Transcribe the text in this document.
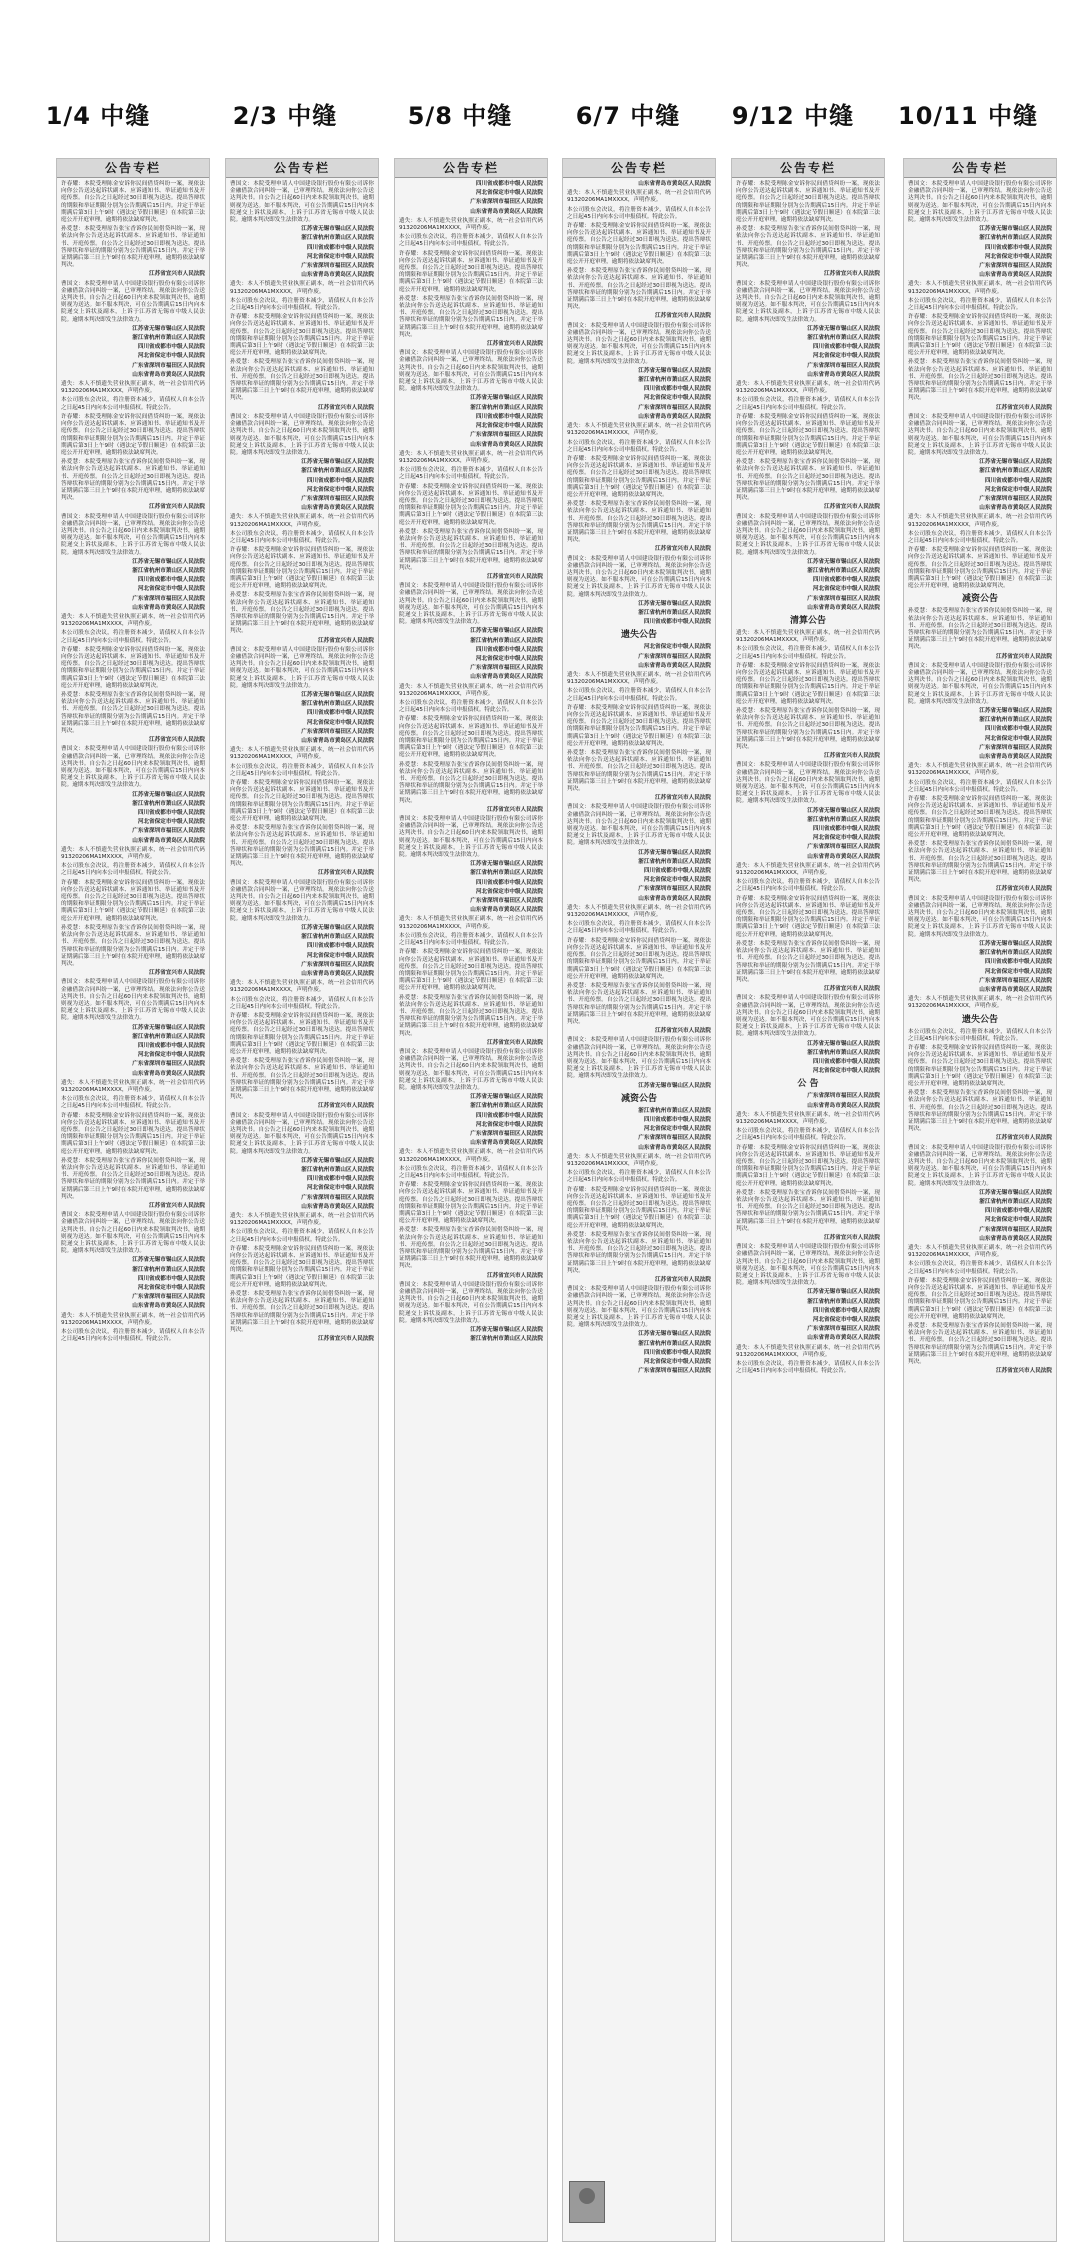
1/4 中缝	2/3 中缝	5/8 中缝	6/7 中缝	9/12 中缝	10/11 中缝
公告专栏
许春耀：本院受理陈金安诉你民间借贷纠纷一案，现依法向你公告送达起诉状副本、应诉通知书、举证通知书及开庭传票。自公告之日起经过30日即视为送达。提出答辩状的期限和举证期限分别为公告期满后15日内。并定于举证期满后第3日上午9时（遇法定节假日顺延）在本院第三法庭公开开庭审理，逾期将依法缺席判决。
孙爱慧：本院受理原告张宝香诉你民间借贷纠纷一案，现依法向你公告送达起诉状副本、应诉通知书、举证通知书、开庭传票。自公告之日起经过30日即视为送达。提出答辩状和举证的期限分别为公告期满后15日内。并定于举证期满后第三日上午9时在本院开庭审理，逾期将依法缺席判决。
江苏省宜兴市人民法院
曹国文：本院受理申请人中国建设银行股份有限公司诉你金融借款合同纠纷一案，已审理终结。现依法向你公告送达判决书。自公告之日起60日内来本院领取判决书，逾期则视为送达。如不服本判决，可在公告期满后15日内向本院递交上诉状及副本，上诉于江苏省无锡市中级人民法院。逾期本判决即发生法律效力。
江苏省无锡市锡山区人民法院
浙江省杭州市萧山区人民法院
四川省成都市中级人民法院
河北省保定市中级人民法院
广东省深圳市福田区人民法院
山东省青岛市黄岛区人民法院
遗失：本人不慎遗失营业执照正副本，统一社会信用代码91320206MA1MXXXX，声明作废。
本公司股东会决议，将注册资本减少，请债权人自本公告之日起45日内向本公司申报债权。特此公告。
许春耀：本院受理陈金安诉你民间借贷纠纷一案，现依法向你公告送达起诉状副本、应诉通知书、举证通知书及开庭传票。自公告之日起经过30日即视为送达。提出答辩状的期限和举证期限分别为公告期满后15日内。并定于举证期满后第3日上午9时（遇法定节假日顺延）在本院第三法庭公开开庭审理，逾期将依法缺席判决。
孙爱慧：本院受理原告张宝香诉你民间借贷纠纷一案，现依法向你公告送达起诉状副本、应诉通知书、举证通知书、开庭传票。自公告之日起经过30日即视为送达。提出答辩状和举证的期限分别为公告期满后15日内。并定于举证期满后第三日上午9时在本院开庭审理，逾期将依法缺席判决。
江苏省宜兴市人民法院
曹国文：本院受理申请人中国建设银行股份有限公司诉你金融借款合同纠纷一案，已审理终结。现依法向你公告送达判决书。自公告之日起60日内来本院领取判决书，逾期则视为送达。如不服本判决，可在公告期满后15日内向本院递交上诉状及副本，上诉于江苏省无锡市中级人民法院。逾期本判决即发生法律效力。
江苏省无锡市锡山区人民法院
浙江省杭州市萧山区人民法院
四川省成都市中级人民法院
河北省保定市中级人民法院
广东省深圳市福田区人民法院
山东省青岛市黄岛区人民法院
遗失：本人不慎遗失营业执照正副本，统一社会信用代码91320206MA1MXXXX，声明作废。
本公司股东会决议，将注册资本减少，请债权人自本公告之日起45日内向本公司申报债权。特此公告。
许春耀：本院受理陈金安诉你民间借贷纠纷一案，现依法向你公告送达起诉状副本、应诉通知书、举证通知书及开庭传票。自公告之日起经过30日即视为送达。提出答辩状的期限和举证期限分别为公告期满后15日内。并定于举证期满后第3日上午9时（遇法定节假日顺延）在本院第三法庭公开开庭审理，逾期将依法缺席判决。
孙爱慧：本院受理原告张宝香诉你民间借贷纠纷一案，现依法向你公告送达起诉状副本、应诉通知书、举证通知书、开庭传票。自公告之日起经过30日即视为送达。提出答辩状和举证的期限分别为公告期满后15日内。并定于举证期满后第三日上午9时在本院开庭审理，逾期将依法缺席判决。
江苏省宜兴市人民法院
曹国文：本院受理申请人中国建设银行股份有限公司诉你金融借款合同纠纷一案，已审理终结。现依法向你公告送达判决书。自公告之日起60日内来本院领取判决书，逾期则视为送达。如不服本判决，可在公告期满后15日内向本院递交上诉状及副本，上诉于江苏省无锡市中级人民法院。逾期本判决即发生法律效力。
江苏省无锡市锡山区人民法院
浙江省杭州市萧山区人民法院
四川省成都市中级人民法院
河北省保定市中级人民法院
广东省深圳市福田区人民法院
山东省青岛市黄岛区人民法院
遗失：本人不慎遗失营业执照正副本，统一社会信用代码91320206MA1MXXXX，声明作废。
本公司股东会决议，将注册资本减少，请债权人自本公告之日起45日内向本公司申报债权。特此公告。
许春耀：本院受理陈金安诉你民间借贷纠纷一案，现依法向你公告送达起诉状副本、应诉通知书、举证通知书及开庭传票。自公告之日起经过30日即视为送达。提出答辩状的期限和举证期限分别为公告期满后15日内。并定于举证期满后第3日上午9时（遇法定节假日顺延）在本院第三法庭公开开庭审理，逾期将依法缺席判决。
孙爱慧：本院受理原告张宝香诉你民间借贷纠纷一案，现依法向你公告送达起诉状副本、应诉通知书、举证通知书、开庭传票。自公告之日起经过30日即视为送达。提出答辩状和举证的期限分别为公告期满后15日内。并定于举证期满后第三日上午9时在本院开庭审理，逾期将依法缺席判决。
江苏省宜兴市人民法院
曹国文：本院受理申请人中国建设银行股份有限公司诉你金融借款合同纠纷一案，已审理终结。现依法向你公告送达判决书。自公告之日起60日内来本院领取判决书，逾期则视为送达。如不服本判决，可在公告期满后15日内向本院递交上诉状及副本，上诉于江苏省无锡市中级人民法院。逾期本判决即发生法律效力。
江苏省无锡市锡山区人民法院
浙江省杭州市萧山区人民法院
四川省成都市中级人民法院
河北省保定市中级人民法院
广东省深圳市福田区人民法院
山东省青岛市黄岛区人民法院
遗失：本人不慎遗失营业执照正副本，统一社会信用代码91320206MA1MXXXX，声明作废。
本公司股东会决议，将注册资本减少，请债权人自本公告之日起45日内向本公司申报债权。特此公告。
许春耀：本院受理陈金安诉你民间借贷纠纷一案，现依法向你公告送达起诉状副本、应诉通知书、举证通知书及开庭传票。自公告之日起经过30日即视为送达。提出答辩状的期限和举证期限分别为公告期满后15日内。并定于举证期满后第3日上午9时（遇法定节假日顺延）在本院第三法庭公开开庭审理，逾期将依法缺席判决。
孙爱慧：本院受理原告张宝香诉你民间借贷纠纷一案，现依法向你公告送达起诉状副本、应诉通知书、举证通知书、开庭传票。自公告之日起经过30日即视为送达。提出答辩状和举证的期限分别为公告期满后15日内。并定于举证期满后第三日上午9时在本院开庭审理，逾期将依法缺席判决。
江苏省宜兴市人民法院
曹国文：本院受理申请人中国建设银行股份有限公司诉你金融借款合同纠纷一案，已审理终结。现依法向你公告送达判决书。自公告之日起60日内来本院领取判决书，逾期则视为送达。如不服本判决，可在公告期满后15日内向本院递交上诉状及副本，上诉于江苏省无锡市中级人民法院。逾期本判决即发生法律效力。
江苏省无锡市锡山区人民法院
浙江省杭州市萧山区人民法院
四川省成都市中级人民法院
河北省保定市中级人民法院
广东省深圳市福田区人民法院
山东省青岛市黄岛区人民法院
遗失：本人不慎遗失营业执照正副本，统一社会信用代码91320206MA1MXXXX，声明作废。
本公司股东会决议，将注册资本减少，请债权人自本公告之日起45日内向本公司申报债权。特此公告。
公告专栏
曹国文：本院受理申请人中国建设银行股份有限公司诉你金融借款合同纠纷一案，已审理终结。现依法向你公告送达判决书。自公告之日起60日内来本院领取判决书，逾期则视为送达。如不服本判决，可在公告期满后15日内向本院递交上诉状及副本，上诉于江苏省无锡市中级人民法院。逾期本判决即发生法律效力。
江苏省无锡市锡山区人民法院
浙江省杭州市萧山区人民法院
四川省成都市中级人民法院
河北省保定市中级人民法院
广东省深圳市福田区人民法院
山东省青岛市黄岛区人民法院
遗失：本人不慎遗失营业执照正副本，统一社会信用代码91320206MA1MXXXX，声明作废。
本公司股东会决议，将注册资本减少，请债权人自本公告之日起45日内向本公司申报债权。特此公告。
许春耀：本院受理陈金安诉你民间借贷纠纷一案，现依法向你公告送达起诉状副本、应诉通知书、举证通知书及开庭传票。自公告之日起经过30日即视为送达。提出答辩状的期限和举证期限分别为公告期满后15日内。并定于举证期满后第3日上午9时（遇法定节假日顺延）在本院第三法庭公开开庭审理，逾期将依法缺席判决。
孙爱慧：本院受理原告张宝香诉你民间借贷纠纷一案，现依法向你公告送达起诉状副本、应诉通知书、举证通知书、开庭传票。自公告之日起经过30日即视为送达。提出答辩状和举证的期限分别为公告期满后15日内。并定于举证期满后第三日上午9时在本院开庭审理，逾期将依法缺席判决。
江苏省宜兴市人民法院
曹国文：本院受理申请人中国建设银行股份有限公司诉你金融借款合同纠纷一案，已审理终结。现依法向你公告送达判决书。自公告之日起60日内来本院领取判决书，逾期则视为送达。如不服本判决，可在公告期满后15日内向本院递交上诉状及副本，上诉于江苏省无锡市中级人民法院。逾期本判决即发生法律效力。
江苏省无锡市锡山区人民法院
浙江省杭州市萧山区人民法院
四川省成都市中级人民法院
河北省保定市中级人民法院
广东省深圳市福田区人民法院
山东省青岛市黄岛区人民法院
遗失：本人不慎遗失营业执照正副本，统一社会信用代码91320206MA1MXXXX，声明作废。
本公司股东会决议，将注册资本减少，请债权人自本公告之日起45日内向本公司申报债权。特此公告。
许春耀：本院受理陈金安诉你民间借贷纠纷一案，现依法向你公告送达起诉状副本、应诉通知书、举证通知书及开庭传票。自公告之日起经过30日即视为送达。提出答辩状的期限和举证期限分别为公告期满后15日内。并定于举证期满后第3日上午9时（遇法定节假日顺延）在本院第三法庭公开开庭审理，逾期将依法缺席判决。
孙爱慧：本院受理原告张宝香诉你民间借贷纠纷一案，现依法向你公告送达起诉状副本、应诉通知书、举证通知书、开庭传票。自公告之日起经过30日即视为送达。提出答辩状和举证的期限分别为公告期满后15日内。并定于举证期满后第三日上午9时在本院开庭审理，逾期将依法缺席判决。
江苏省宜兴市人民法院
曹国文：本院受理申请人中国建设银行股份有限公司诉你金融借款合同纠纷一案，已审理终结。现依法向你公告送达判决书。自公告之日起60日内来本院领取判决书，逾期则视为送达。如不服本判决，可在公告期满后15日内向本院递交上诉状及副本，上诉于江苏省无锡市中级人民法院。逾期本判决即发生法律效力。
江苏省无锡市锡山区人民法院
浙江省杭州市萧山区人民法院
四川省成都市中级人民法院
河北省保定市中级人民法院
广东省深圳市福田区人民法院
山东省青岛市黄岛区人民法院
遗失：本人不慎遗失营业执照正副本，统一社会信用代码91320206MA1MXXXX，声明作废。
本公司股东会决议，将注册资本减少，请债权人自本公告之日起45日内向本公司申报债权。特此公告。
许春耀：本院受理陈金安诉你民间借贷纠纷一案，现依法向你公告送达起诉状副本、应诉通知书、举证通知书及开庭传票。自公告之日起经过30日即视为送达。提出答辩状的期限和举证期限分别为公告期满后15日内。并定于举证期满后第3日上午9时（遇法定节假日顺延）在本院第三法庭公开开庭审理，逾期将依法缺席判决。
孙爱慧：本院受理原告张宝香诉你民间借贷纠纷一案，现依法向你公告送达起诉状副本、应诉通知书、举证通知书、开庭传票。自公告之日起经过30日即视为送达。提出答辩状和举证的期限分别为公告期满后15日内。并定于举证期满后第三日上午9时在本院开庭审理，逾期将依法缺席判决。
江苏省宜兴市人民法院
曹国文：本院受理申请人中国建设银行股份有限公司诉你金融借款合同纠纷一案，已审理终结。现依法向你公告送达判决书。自公告之日起60日内来本院领取判决书，逾期则视为送达。如不服本判决，可在公告期满后15日内向本院递交上诉状及副本，上诉于江苏省无锡市中级人民法院。逾期本判决即发生法律效力。
江苏省无锡市锡山区人民法院
浙江省杭州市萧山区人民法院
四川省成都市中级人民法院
河北省保定市中级人民法院
广东省深圳市福田区人民法院
山东省青岛市黄岛区人民法院
遗失：本人不慎遗失营业执照正副本，统一社会信用代码91320206MA1MXXXX，声明作废。
本公司股东会决议，将注册资本减少，请债权人自本公告之日起45日内向本公司申报债权。特此公告。
许春耀：本院受理陈金安诉你民间借贷纠纷一案，现依法向你公告送达起诉状副本、应诉通知书、举证通知书及开庭传票。自公告之日起经过30日即视为送达。提出答辩状的期限和举证期限分别为公告期满后15日内。并定于举证期满后第3日上午9时（遇法定节假日顺延）在本院第三法庭公开开庭审理，逾期将依法缺席判决。
孙爱慧：本院受理原告张宝香诉你民间借贷纠纷一案，现依法向你公告送达起诉状副本、应诉通知书、举证通知书、开庭传票。自公告之日起经过30日即视为送达。提出答辩状和举证的期限分别为公告期满后15日内。并定于举证期满后第三日上午9时在本院开庭审理，逾期将依法缺席判决。
江苏省宜兴市人民法院
曹国文：本院受理申请人中国建设银行股份有限公司诉你金融借款合同纠纷一案，已审理终结。现依法向你公告送达判决书。自公告之日起60日内来本院领取判决书，逾期则视为送达。如不服本判决，可在公告期满后15日内向本院递交上诉状及副本，上诉于江苏省无锡市中级人民法院。逾期本判决即发生法律效力。
江苏省无锡市锡山区人民法院
浙江省杭州市萧山区人民法院
四川省成都市中级人民法院
河北省保定市中级人民法院
广东省深圳市福田区人民法院
山东省青岛市黄岛区人民法院
遗失：本人不慎遗失营业执照正副本，统一社会信用代码91320206MA1MXXXX，声明作废。
本公司股东会决议，将注册资本减少，请债权人自本公告之日起45日内向本公司申报债权。特此公告。
许春耀：本院受理陈金安诉你民间借贷纠纷一案，现依法向你公告送达起诉状副本、应诉通知书、举证通知书及开庭传票。自公告之日起经过30日即视为送达。提出答辩状的期限和举证期限分别为公告期满后15日内。并定于举证期满后第3日上午9时（遇法定节假日顺延）在本院第三法庭公开开庭审理，逾期将依法缺席判决。
孙爱慧：本院受理原告张宝香诉你民间借贷纠纷一案，现依法向你公告送达起诉状副本、应诉通知书、举证通知书、开庭传票。自公告之日起经过30日即视为送达。提出答辩状和举证的期限分别为公告期满后15日内。并定于举证期满后第三日上午9时在本院开庭审理，逾期将依法缺席判决。
江苏省宜兴市人民法院
公告专栏
四川省成都市中级人民法院
河北省保定市中级人民法院
广东省深圳市福田区人民法院
山东省青岛市黄岛区人民法院
遗失：本人不慎遗失营业执照正副本，统一社会信用代码91320206MA1MXXXX，声明作废。
本公司股东会决议，将注册资本减少，请债权人自本公告之日起45日内向本公司申报债权。特此公告。
许春耀：本院受理陈金安诉你民间借贷纠纷一案，现依法向你公告送达起诉状副本、应诉通知书、举证通知书及开庭传票。自公告之日起经过30日即视为送达。提出答辩状的期限和举证期限分别为公告期满后15日内。并定于举证期满后第3日上午9时（遇法定节假日顺延）在本院第三法庭公开开庭审理，逾期将依法缺席判决。
孙爱慧：本院受理原告张宝香诉你民间借贷纠纷一案，现依法向你公告送达起诉状副本、应诉通知书、举证通知书、开庭传票。自公告之日起经过30日即视为送达。提出答辩状和举证的期限分别为公告期满后15日内。并定于举证期满后第三日上午9时在本院开庭审理，逾期将依法缺席判决。
江苏省宜兴市人民法院
曹国文：本院受理申请人中国建设银行股份有限公司诉你金融借款合同纠纷一案，已审理终结。现依法向你公告送达判决书。自公告之日起60日内来本院领取判决书，逾期则视为送达。如不服本判决，可在公告期满后15日内向本院递交上诉状及副本，上诉于江苏省无锡市中级人民法院。逾期本判决即发生法律效力。
江苏省无锡市锡山区人民法院
浙江省杭州市萧山区人民法院
四川省成都市中级人民法院
河北省保定市中级人民法院
广东省深圳市福田区人民法院
山东省青岛市黄岛区人民法院
遗失：本人不慎遗失营业执照正副本，统一社会信用代码91320206MA1MXXXX，声明作废。
本公司股东会决议，将注册资本减少，请债权人自本公告之日起45日内向本公司申报债权。特此公告。
许春耀：本院受理陈金安诉你民间借贷纠纷一案，现依法向你公告送达起诉状副本、应诉通知书、举证通知书及开庭传票。自公告之日起经过30日即视为送达。提出答辩状的期限和举证期限分别为公告期满后15日内。并定于举证期满后第3日上午9时（遇法定节假日顺延）在本院第三法庭公开开庭审理，逾期将依法缺席判决。
孙爱慧：本院受理原告张宝香诉你民间借贷纠纷一案，现依法向你公告送达起诉状副本、应诉通知书、举证通知书、开庭传票。自公告之日起经过30日即视为送达。提出答辩状和举证的期限分别为公告期满后15日内。并定于举证期满后第三日上午9时在本院开庭审理，逾期将依法缺席判决。
江苏省宜兴市人民法院
曹国文：本院受理申请人中国建设银行股份有限公司诉你金融借款合同纠纷一案，已审理终结。现依法向你公告送达判决书。自公告之日起60日内来本院领取判决书，逾期则视为送达。如不服本判决，可在公告期满后15日内向本院递交上诉状及副本，上诉于江苏省无锡市中级人民法院。逾期本判决即发生法律效力。
江苏省无锡市锡山区人民法院
浙江省杭州市萧山区人民法院
四川省成都市中级人民法院
河北省保定市中级人民法院
广东省深圳市福田区人民法院
山东省青岛市黄岛区人民法院
遗失：本人不慎遗失营业执照正副本，统一社会信用代码91320206MA1MXXXX，声明作废。
本公司股东会决议，将注册资本减少，请债权人自本公告之日起45日内向本公司申报债权。特此公告。
许春耀：本院受理陈金安诉你民间借贷纠纷一案，现依法向你公告送达起诉状副本、应诉通知书、举证通知书及开庭传票。自公告之日起经过30日即视为送达。提出答辩状的期限和举证期限分别为公告期满后15日内。并定于举证期满后第3日上午9时（遇法定节假日顺延）在本院第三法庭公开开庭审理，逾期将依法缺席判决。
孙爱慧：本院受理原告张宝香诉你民间借贷纠纷一案，现依法向你公告送达起诉状副本、应诉通知书、举证通知书、开庭传票。自公告之日起经过30日即视为送达。提出答辩状和举证的期限分别为公告期满后15日内。并定于举证期满后第三日上午9时在本院开庭审理，逾期将依法缺席判决。
江苏省宜兴市人民法院
曹国文：本院受理申请人中国建设银行股份有限公司诉你金融借款合同纠纷一案，已审理终结。现依法向你公告送达判决书。自公告之日起60日内来本院领取判决书，逾期则视为送达。如不服本判决，可在公告期满后15日内向本院递交上诉状及副本，上诉于江苏省无锡市中级人民法院。逾期本判决即发生法律效力。
江苏省无锡市锡山区人民法院
浙江省杭州市萧山区人民法院
四川省成都市中级人民法院
河北省保定市中级人民法院
广东省深圳市福田区人民法院
山东省青岛市黄岛区人民法院
遗失：本人不慎遗失营业执照正副本，统一社会信用代码91320206MA1MXXXX，声明作废。
本公司股东会决议，将注册资本减少，请债权人自本公告之日起45日内向本公司申报债权。特此公告。
许春耀：本院受理陈金安诉你民间借贷纠纷一案，现依法向你公告送达起诉状副本、应诉通知书、举证通知书及开庭传票。自公告之日起经过30日即视为送达。提出答辩状的期限和举证期限分别为公告期满后15日内。并定于举证期满后第3日上午9时（遇法定节假日顺延）在本院第三法庭公开开庭审理，逾期将依法缺席判决。
孙爱慧：本院受理原告张宝香诉你民间借贷纠纷一案，现依法向你公告送达起诉状副本、应诉通知书、举证通知书、开庭传票。自公告之日起经过30日即视为送达。提出答辩状和举证的期限分别为公告期满后15日内。并定于举证期满后第三日上午9时在本院开庭审理，逾期将依法缺席判决。
江苏省宜兴市人民法院
曹国文：本院受理申请人中国建设银行股份有限公司诉你金融借款合同纠纷一案，已审理终结。现依法向你公告送达判决书。自公告之日起60日内来本院领取判决书，逾期则视为送达。如不服本判决，可在公告期满后15日内向本院递交上诉状及副本，上诉于江苏省无锡市中级人民法院。逾期本判决即发生法律效力。
江苏省无锡市锡山区人民法院
浙江省杭州市萧山区人民法院
四川省成都市中级人民法院
河北省保定市中级人民法院
广东省深圳市福田区人民法院
山东省青岛市黄岛区人民法院
遗失：本人不慎遗失营业执照正副本，统一社会信用代码91320206MA1MXXXX，声明作废。
本公司股东会决议，将注册资本减少，请债权人自本公告之日起45日内向本公司申报债权。特此公告。
许春耀：本院受理陈金安诉你民间借贷纠纷一案，现依法向你公告送达起诉状副本、应诉通知书、举证通知书及开庭传票。自公告之日起经过30日即视为送达。提出答辩状的期限和举证期限分别为公告期满后15日内。并定于举证期满后第3日上午9时（遇法定节假日顺延）在本院第三法庭公开开庭审理，逾期将依法缺席判决。
孙爱慧：本院受理原告张宝香诉你民间借贷纠纷一案，现依法向你公告送达起诉状副本、应诉通知书、举证通知书、开庭传票。自公告之日起经过30日即视为送达。提出答辩状和举证的期限分别为公告期满后15日内。并定于举证期满后第三日上午9时在本院开庭审理，逾期将依法缺席判决。
江苏省宜兴市人民法院
曹国文：本院受理申请人中国建设银行股份有限公司诉你金融借款合同纠纷一案，已审理终结。现依法向你公告送达判决书。自公告之日起60日内来本院领取判决书，逾期则视为送达。如不服本判决，可在公告期满后15日内向本院递交上诉状及副本，上诉于江苏省无锡市中级人民法院。逾期本判决即发生法律效力。
江苏省无锡市锡山区人民法院
浙江省杭州市萧山区人民法院
公告专栏
山东省青岛市黄岛区人民法院
遗失：本人不慎遗失营业执照正副本，统一社会信用代码91320206MA1MXXXX，声明作废。
本公司股东会决议，将注册资本减少，请债权人自本公告之日起45日内向本公司申报债权。特此公告。
许春耀：本院受理陈金安诉你民间借贷纠纷一案，现依法向你公告送达起诉状副本、应诉通知书、举证通知书及开庭传票。自公告之日起经过30日即视为送达。提出答辩状的期限和举证期限分别为公告期满后15日内。并定于举证期满后第3日上午9时（遇法定节假日顺延）在本院第三法庭公开开庭审理，逾期将依法缺席判决。
孙爱慧：本院受理原告张宝香诉你民间借贷纠纷一案，现依法向你公告送达起诉状副本、应诉通知书、举证通知书、开庭传票。自公告之日起经过30日即视为送达。提出答辩状和举证的期限分别为公告期满后15日内。并定于举证期满后第三日上午9时在本院开庭审理，逾期将依法缺席判决。
江苏省宜兴市人民法院
曹国文：本院受理申请人中国建设银行股份有限公司诉你金融借款合同纠纷一案，已审理终结。现依法向你公告送达判决书。自公告之日起60日内来本院领取判决书，逾期则视为送达。如不服本判决，可在公告期满后15日内向本院递交上诉状及副本，上诉于江苏省无锡市中级人民法院。逾期本判决即发生法律效力。
江苏省无锡市锡山区人民法院
浙江省杭州市萧山区人民法院
四川省成都市中级人民法院
河北省保定市中级人民法院
广东省深圳市福田区人民法院
山东省青岛市黄岛区人民法院
遗失：本人不慎遗失营业执照正副本，统一社会信用代码91320206MA1MXXXX，声明作废。
本公司股东会决议，将注册资本减少，请债权人自本公告之日起45日内向本公司申报债权。特此公告。
许春耀：本院受理陈金安诉你民间借贷纠纷一案，现依法向你公告送达起诉状副本、应诉通知书、举证通知书及开庭传票。自公告之日起经过30日即视为送达。提出答辩状的期限和举证期限分别为公告期满后15日内。并定于举证期满后第3日上午9时（遇法定节假日顺延）在本院第三法庭公开开庭审理，逾期将依法缺席判决。
孙爱慧：本院受理原告张宝香诉你民间借贷纠纷一案，现依法向你公告送达起诉状副本、应诉通知书、举证通知书、开庭传票。自公告之日起经过30日即视为送达。提出答辩状和举证的期限分别为公告期满后15日内。并定于举证期满后第三日上午9时在本院开庭审理，逾期将依法缺席判决。
江苏省宜兴市人民法院
曹国文：本院受理申请人中国建设银行股份有限公司诉你金融借款合同纠纷一案，已审理终结。现依法向你公告送达判决书。自公告之日起60日内来本院领取判决书，逾期则视为送达。如不服本判决，可在公告期满后15日内向本院递交上诉状及副本，上诉于江苏省无锡市中级人民法院。逾期本判决即发生法律效力。
江苏省无锡市锡山区人民法院
浙江省杭州市萧山区人民法院
四川省成都市中级人民法院
遗失公告
河北省保定市中级人民法院
广东省深圳市福田区人民法院
山东省青岛市黄岛区人民法院
遗失：本人不慎遗失营业执照正副本，统一社会信用代码91320206MA1MXXXX，声明作废。
本公司股东会决议，将注册资本减少，请债权人自本公告之日起45日内向本公司申报债权。特此公告。
许春耀：本院受理陈金安诉你民间借贷纠纷一案，现依法向你公告送达起诉状副本、应诉通知书、举证通知书及开庭传票。自公告之日起经过30日即视为送达。提出答辩状的期限和举证期限分别为公告期满后15日内。并定于举证期满后第3日上午9时（遇法定节假日顺延）在本院第三法庭公开开庭审理，逾期将依法缺席判决。
孙爱慧：本院受理原告张宝香诉你民间借贷纠纷一案，现依法向你公告送达起诉状副本、应诉通知书、举证通知书、开庭传票。自公告之日起经过30日即视为送达。提出答辩状和举证的期限分别为公告期满后15日内。并定于举证期满后第三日上午9时在本院开庭审理，逾期将依法缺席判决。
江苏省宜兴市人民法院
曹国文：本院受理申请人中国建设银行股份有限公司诉你金融借款合同纠纷一案，已审理终结。现依法向你公告送达判决书。自公告之日起60日内来本院领取判决书，逾期则视为送达。如不服本判决，可在公告期满后15日内向本院递交上诉状及副本，上诉于江苏省无锡市中级人民法院。逾期本判决即发生法律效力。
江苏省无锡市锡山区人民法院
浙江省杭州市萧山区人民法院
四川省成都市中级人民法院
河北省保定市中级人民法院
广东省深圳市福田区人民法院
山东省青岛市黄岛区人民法院
遗失：本人不慎遗失营业执照正副本，统一社会信用代码91320206MA1MXXXX，声明作废。
本公司股东会决议，将注册资本减少，请债权人自本公告之日起45日内向本公司申报债权。特此公告。
许春耀：本院受理陈金安诉你民间借贷纠纷一案，现依法向你公告送达起诉状副本、应诉通知书、举证通知书及开庭传票。自公告之日起经过30日即视为送达。提出答辩状的期限和举证期限分别为公告期满后15日内。并定于举证期满后第3日上午9时（遇法定节假日顺延）在本院第三法庭公开开庭审理，逾期将依法缺席判决。
孙爱慧：本院受理原告张宝香诉你民间借贷纠纷一案，现依法向你公告送达起诉状副本、应诉通知书、举证通知书、开庭传票。自公告之日起经过30日即视为送达。提出答辩状和举证的期限分别为公告期满后15日内。并定于举证期满后第三日上午9时在本院开庭审理，逾期将依法缺席判决。
江苏省宜兴市人民法院
曹国文：本院受理申请人中国建设银行股份有限公司诉你金融借款合同纠纷一案，已审理终结。现依法向你公告送达判决书。自公告之日起60日内来本院领取判决书，逾期则视为送达。如不服本判决，可在公告期满后15日内向本院递交上诉状及副本，上诉于江苏省无锡市中级人民法院。逾期本判决即发生法律效力。
江苏省无锡市锡山区人民法院
减资公告
浙江省杭州市萧山区人民法院
四川省成都市中级人民法院
河北省保定市中级人民法院
广东省深圳市福田区人民法院
山东省青岛市黄岛区人民法院
遗失：本人不慎遗失营业执照正副本，统一社会信用代码91320206MA1MXXXX，声明作废。
本公司股东会决议，将注册资本减少，请债权人自本公告之日起45日内向本公司申报债权。特此公告。
许春耀：本院受理陈金安诉你民间借贷纠纷一案，现依法向你公告送达起诉状副本、应诉通知书、举证通知书及开庭传票。自公告之日起经过30日即视为送达。提出答辩状的期限和举证期限分别为公告期满后15日内。并定于举证期满后第3日上午9时（遇法定节假日顺延）在本院第三法庭公开开庭审理，逾期将依法缺席判决。
孙爱慧：本院受理原告张宝香诉你民间借贷纠纷一案，现依法向你公告送达起诉状副本、应诉通知书、举证通知书、开庭传票。自公告之日起经过30日即视为送达。提出答辩状和举证的期限分别为公告期满后15日内。并定于举证期满后第三日上午9时在本院开庭审理，逾期将依法缺席判决。
江苏省宜兴市人民法院
曹国文：本院受理申请人中国建设银行股份有限公司诉你金融借款合同纠纷一案，已审理终结。现依法向你公告送达判决书。自公告之日起60日内来本院领取判决书，逾期则视为送达。如不服本判决，可在公告期满后15日内向本院递交上诉状及副本，上诉于江苏省无锡市中级人民法院。逾期本判决即发生法律效力。
江苏省无锡市锡山区人民法院
浙江省杭州市萧山区人民法院
四川省成都市中级人民法院
河北省保定市中级人民法院
广东省深圳市福田区人民法院
公告专栏
许春耀：本院受理陈金安诉你民间借贷纠纷一案，现依法向你公告送达起诉状副本、应诉通知书、举证通知书及开庭传票。自公告之日起经过30日即视为送达。提出答辩状的期限和举证期限分别为公告期满后15日内。并定于举证期满后第3日上午9时（遇法定节假日顺延）在本院第三法庭公开开庭审理，逾期将依法缺席判决。
孙爱慧：本院受理原告张宝香诉你民间借贷纠纷一案，现依法向你公告送达起诉状副本、应诉通知书、举证通知书、开庭传票。自公告之日起经过30日即视为送达。提出答辩状和举证的期限分别为公告期满后15日内。并定于举证期满后第三日上午9时在本院开庭审理，逾期将依法缺席判决。
江苏省宜兴市人民法院
曹国文：本院受理申请人中国建设银行股份有限公司诉你金融借款合同纠纷一案，已审理终结。现依法向你公告送达判决书。自公告之日起60日内来本院领取判决书，逾期则视为送达。如不服本判决，可在公告期满后15日内向本院递交上诉状及副本，上诉于江苏省无锡市中级人民法院。逾期本判决即发生法律效力。
江苏省无锡市锡山区人民法院
浙江省杭州市萧山区人民法院
四川省成都市中级人民法院
河北省保定市中级人民法院
广东省深圳市福田区人民法院
山东省青岛市黄岛区人民法院
遗失：本人不慎遗失营业执照正副本，统一社会信用代码91320206MA1MXXXX，声明作废。
本公司股东会决议，将注册资本减少，请债权人自本公告之日起45日内向本公司申报债权。特此公告。
许春耀：本院受理陈金安诉你民间借贷纠纷一案，现依法向你公告送达起诉状副本、应诉通知书、举证通知书及开庭传票。自公告之日起经过30日即视为送达。提出答辩状的期限和举证期限分别为公告期满后15日内。并定于举证期满后第3日上午9时（遇法定节假日顺延）在本院第三法庭公开开庭审理，逾期将依法缺席判决。
孙爱慧：本院受理原告张宝香诉你民间借贷纠纷一案，现依法向你公告送达起诉状副本、应诉通知书、举证通知书、开庭传票。自公告之日起经过30日即视为送达。提出答辩状和举证的期限分别为公告期满后15日内。并定于举证期满后第三日上午9时在本院开庭审理，逾期将依法缺席判决。
江苏省宜兴市人民法院
曹国文：本院受理申请人中国建设银行股份有限公司诉你金融借款合同纠纷一案，已审理终结。现依法向你公告送达判决书。自公告之日起60日内来本院领取判决书，逾期则视为送达。如不服本判决，可在公告期满后15日内向本院递交上诉状及副本，上诉于江苏省无锡市中级人民法院。逾期本判决即发生法律效力。
江苏省无锡市锡山区人民法院
浙江省杭州市萧山区人民法院
四川省成都市中级人民法院
河北省保定市中级人民法院
广东省深圳市福田区人民法院
山东省青岛市黄岛区人民法院
清算公告
遗失：本人不慎遗失营业执照正副本，统一社会信用代码91320206MA1MXXXX，声明作废。
本公司股东会决议，将注册资本减少，请债权人自本公告之日起45日内向本公司申报债权。特此公告。
许春耀：本院受理陈金安诉你民间借贷纠纷一案，现依法向你公告送达起诉状副本、应诉通知书、举证通知书及开庭传票。自公告之日起经过30日即视为送达。提出答辩状的期限和举证期限分别为公告期满后15日内。并定于举证期满后第3日上午9时（遇法定节假日顺延）在本院第三法庭公开开庭审理，逾期将依法缺席判决。
孙爱慧：本院受理原告张宝香诉你民间借贷纠纷一案，现依法向你公告送达起诉状副本、应诉通知书、举证通知书、开庭传票。自公告之日起经过30日即视为送达。提出答辩状和举证的期限分别为公告期满后15日内。并定于举证期满后第三日上午9时在本院开庭审理，逾期将依法缺席判决。
江苏省宜兴市人民法院
曹国文：本院受理申请人中国建设银行股份有限公司诉你金融借款合同纠纷一案，已审理终结。现依法向你公告送达判决书。自公告之日起60日内来本院领取判决书，逾期则视为送达。如不服本判决，可在公告期满后15日内向本院递交上诉状及副本，上诉于江苏省无锡市中级人民法院。逾期本判决即发生法律效力。
江苏省无锡市锡山区人民法院
浙江省杭州市萧山区人民法院
四川省成都市中级人民法院
河北省保定市中级人民法院
广东省深圳市福田区人民法院
山东省青岛市黄岛区人民法院
遗失：本人不慎遗失营业执照正副本，统一社会信用代码91320206MA1MXXXX，声明作废。
本公司股东会决议，将注册资本减少，请债权人自本公告之日起45日内向本公司申报债权。特此公告。
许春耀：本院受理陈金安诉你民间借贷纠纷一案，现依法向你公告送达起诉状副本、应诉通知书、举证通知书及开庭传票。自公告之日起经过30日即视为送达。提出答辩状的期限和举证期限分别为公告期满后15日内。并定于举证期满后第3日上午9时（遇法定节假日顺延）在本院第三法庭公开开庭审理，逾期将依法缺席判决。
孙爱慧：本院受理原告张宝香诉你民间借贷纠纷一案，现依法向你公告送达起诉状副本、应诉通知书、举证通知书、开庭传票。自公告之日起经过30日即视为送达。提出答辩状和举证的期限分别为公告期满后15日内。并定于举证期满后第三日上午9时在本院开庭审理，逾期将依法缺席判决。
江苏省宜兴市人民法院
曹国文：本院受理申请人中国建设银行股份有限公司诉你金融借款合同纠纷一案，已审理终结。现依法向你公告送达判决书。自公告之日起60日内来本院领取判决书，逾期则视为送达。如不服本判决，可在公告期满后15日内向本院递交上诉状及副本，上诉于江苏省无锡市中级人民法院。逾期本判决即发生法律效力。
江苏省无锡市锡山区人民法院
浙江省杭州市萧山区人民法院
四川省成都市中级人民法院
河北省保定市中级人民法院
公 告
广东省深圳市福田区人民法院
山东省青岛市黄岛区人民法院
遗失：本人不慎遗失营业执照正副本，统一社会信用代码91320206MA1MXXXX，声明作废。
本公司股东会决议，将注册资本减少，请债权人自本公告之日起45日内向本公司申报债权。特此公告。
许春耀：本院受理陈金安诉你民间借贷纠纷一案，现依法向你公告送达起诉状副本、应诉通知书、举证通知书及开庭传票。自公告之日起经过30日即视为送达。提出答辩状的期限和举证期限分别为公告期满后15日内。并定于举证期满后第3日上午9时（遇法定节假日顺延）在本院第三法庭公开开庭审理，逾期将依法缺席判决。
孙爱慧：本院受理原告张宝香诉你民间借贷纠纷一案，现依法向你公告送达起诉状副本、应诉通知书、举证通知书、开庭传票。自公告之日起经过30日即视为送达。提出答辩状和举证的期限分别为公告期满后15日内。并定于举证期满后第三日上午9时在本院开庭审理，逾期将依法缺席判决。
江苏省宜兴市人民法院
曹国文：本院受理申请人中国建设银行股份有限公司诉你金融借款合同纠纷一案，已审理终结。现依法向你公告送达判决书。自公告之日起60日内来本院领取判决书，逾期则视为送达。如不服本判决，可在公告期满后15日内向本院递交上诉状及副本，上诉于江苏省无锡市中级人民法院。逾期本判决即发生法律效力。
江苏省无锡市锡山区人民法院
浙江省杭州市萧山区人民法院
四川省成都市中级人民法院
河北省保定市中级人民法院
广东省深圳市福田区人民法院
山东省青岛市黄岛区人民法院
遗失：本人不慎遗失营业执照正副本，统一社会信用代码91320206MA1MXXXX，声明作废。
本公司股东会决议，将注册资本减少，请债权人自本公告之日起45日内向本公司申报债权。特此公告。
公告专栏
曹国文：本院受理申请人中国建设银行股份有限公司诉你金融借款合同纠纷一案，已审理终结。现依法向你公告送达判决书。自公告之日起60日内来本院领取判决书，逾期则视为送达。如不服本判决，可在公告期满后15日内向本院递交上诉状及副本，上诉于江苏省无锡市中级人民法院。逾期本判决即发生法律效力。
江苏省无锡市锡山区人民法院
浙江省杭州市萧山区人民法院
四川省成都市中级人民法院
河北省保定市中级人民法院
广东省深圳市福田区人民法院
山东省青岛市黄岛区人民法院
遗失：本人不慎遗失营业执照正副本，统一社会信用代码91320206MA1MXXXX，声明作废。
本公司股东会决议，将注册资本减少，请债权人自本公告之日起45日内向本公司申报债权。特此公告。
许春耀：本院受理陈金安诉你民间借贷纠纷一案，现依法向你公告送达起诉状副本、应诉通知书、举证通知书及开庭传票。自公告之日起经过30日即视为送达。提出答辩状的期限和举证期限分别为公告期满后15日内。并定于举证期满后第3日上午9时（遇法定节假日顺延）在本院第三法庭公开开庭审理，逾期将依法缺席判决。
孙爱慧：本院受理原告张宝香诉你民间借贷纠纷一案，现依法向你公告送达起诉状副本、应诉通知书、举证通知书、开庭传票。自公告之日起经过30日即视为送达。提出答辩状和举证的期限分别为公告期满后15日内。并定于举证期满后第三日上午9时在本院开庭审理，逾期将依法缺席判决。
江苏省宜兴市人民法院
曹国文：本院受理申请人中国建设银行股份有限公司诉你金融借款合同纠纷一案，已审理终结。现依法向你公告送达判决书。自公告之日起60日内来本院领取判决书，逾期则视为送达。如不服本判决，可在公告期满后15日内向本院递交上诉状及副本，上诉于江苏省无锡市中级人民法院。逾期本判决即发生法律效力。
江苏省无锡市锡山区人民法院
浙江省杭州市萧山区人民法院
四川省成都市中级人民法院
河北省保定市中级人民法院
广东省深圳市福田区人民法院
山东省青岛市黄岛区人民法院
遗失：本人不慎遗失营业执照正副本，统一社会信用代码91320206MA1MXXXX，声明作废。
本公司股东会决议，将注册资本减少，请债权人自本公告之日起45日内向本公司申报债权。特此公告。
许春耀：本院受理陈金安诉你民间借贷纠纷一案，现依法向你公告送达起诉状副本、应诉通知书、举证通知书及开庭传票。自公告之日起经过30日即视为送达。提出答辩状的期限和举证期限分别为公告期满后15日内。并定于举证期满后第3日上午9时（遇法定节假日顺延）在本院第三法庭公开开庭审理，逾期将依法缺席判决。
减资公告
孙爱慧：本院受理原告张宝香诉你民间借贷纠纷一案，现依法向你公告送达起诉状副本、应诉通知书、举证通知书、开庭传票。自公告之日起经过30日即视为送达。提出答辩状和举证的期限分别为公告期满后15日内。并定于举证期满后第三日上午9时在本院开庭审理，逾期将依法缺席判决。
江苏省宜兴市人民法院
曹国文：本院受理申请人中国建设银行股份有限公司诉你金融借款合同纠纷一案，已审理终结。现依法向你公告送达判决书。自公告之日起60日内来本院领取判决书，逾期则视为送达。如不服本判决，可在公告期满后15日内向本院递交上诉状及副本，上诉于江苏省无锡市中级人民法院。逾期本判决即发生法律效力。
江苏省无锡市锡山区人民法院
浙江省杭州市萧山区人民法院
四川省成都市中级人民法院
河北省保定市中级人民法院
广东省深圳市福田区人民法院
山东省青岛市黄岛区人民法院
遗失：本人不慎遗失营业执照正副本，统一社会信用代码91320206MA1MXXXX，声明作废。
本公司股东会决议，将注册资本减少，请债权人自本公告之日起45日内向本公司申报债权。特此公告。
许春耀：本院受理陈金安诉你民间借贷纠纷一案，现依法向你公告送达起诉状副本、应诉通知书、举证通知书及开庭传票。自公告之日起经过30日即视为送达。提出答辩状的期限和举证期限分别为公告期满后15日内。并定于举证期满后第3日上午9时（遇法定节假日顺延）在本院第三法庭公开开庭审理，逾期将依法缺席判决。
孙爱慧：本院受理原告张宝香诉你民间借贷纠纷一案，现依法向你公告送达起诉状副本、应诉通知书、举证通知书、开庭传票。自公告之日起经过30日即视为送达。提出答辩状和举证的期限分别为公告期满后15日内。并定于举证期满后第三日上午9时在本院开庭审理，逾期将依法缺席判决。
江苏省宜兴市人民法院
曹国文：本院受理申请人中国建设银行股份有限公司诉你金融借款合同纠纷一案，已审理终结。现依法向你公告送达判决书。自公告之日起60日内来本院领取判决书，逾期则视为送达。如不服本判决，可在公告期满后15日内向本院递交上诉状及副本，上诉于江苏省无锡市中级人民法院。逾期本判决即发生法律效力。
江苏省无锡市锡山区人民法院
浙江省杭州市萧山区人民法院
四川省成都市中级人民法院
河北省保定市中级人民法院
广东省深圳市福田区人民法院
山东省青岛市黄岛区人民法院
遗失：本人不慎遗失营业执照正副本，统一社会信用代码91320206MA1MXXXX，声明作废。
遗失公告
本公司股东会决议，将注册资本减少，请债权人自本公告之日起45日内向本公司申报债权。特此公告。
许春耀：本院受理陈金安诉你民间借贷纠纷一案，现依法向你公告送达起诉状副本、应诉通知书、举证通知书及开庭传票。自公告之日起经过30日即视为送达。提出答辩状的期限和举证期限分别为公告期满后15日内。并定于举证期满后第3日上午9时（遇法定节假日顺延）在本院第三法庭公开开庭审理，逾期将依法缺席判决。
孙爱慧：本院受理原告张宝香诉你民间借贷纠纷一案，现依法向你公告送达起诉状副本、应诉通知书、举证通知书、开庭传票。自公告之日起经过30日即视为送达。提出答辩状和举证的期限分别为公告期满后15日内。并定于举证期满后第三日上午9时在本院开庭审理，逾期将依法缺席判决。
江苏省宜兴市人民法院
曹国文：本院受理申请人中国建设银行股份有限公司诉你金融借款合同纠纷一案，已审理终结。现依法向你公告送达判决书。自公告之日起60日内来本院领取判决书，逾期则视为送达。如不服本判决，可在公告期满后15日内向本院递交上诉状及副本，上诉于江苏省无锡市中级人民法院。逾期本判决即发生法律效力。
江苏省无锡市锡山区人民法院
浙江省杭州市萧山区人民法院
四川省成都市中级人民法院
河北省保定市中级人民法院
广东省深圳市福田区人民法院
山东省青岛市黄岛区人民法院
遗失：本人不慎遗失营业执照正副本，统一社会信用代码91320206MA1MXXXX，声明作废。
本公司股东会决议，将注册资本减少，请债权人自本公告之日起45日内向本公司申报债权。特此公告。
许春耀：本院受理陈金安诉你民间借贷纠纷一案，现依法向你公告送达起诉状副本、应诉通知书、举证通知书及开庭传票。自公告之日起经过30日即视为送达。提出答辩状的期限和举证期限分别为公告期满后15日内。并定于举证期满后第3日上午9时（遇法定节假日顺延）在本院第三法庭公开开庭审理，逾期将依法缺席判决。
孙爱慧：本院受理原告张宝香诉你民间借贷纠纷一案，现依法向你公告送达起诉状副本、应诉通知书、举证通知书、开庭传票。自公告之日起经过30日即视为送达。提出答辩状和举证的期限分别为公告期满后15日内。并定于举证期满后第三日上午9时在本院开庭审理，逾期将依法缺席判决。
江苏省宜兴市人民法院
